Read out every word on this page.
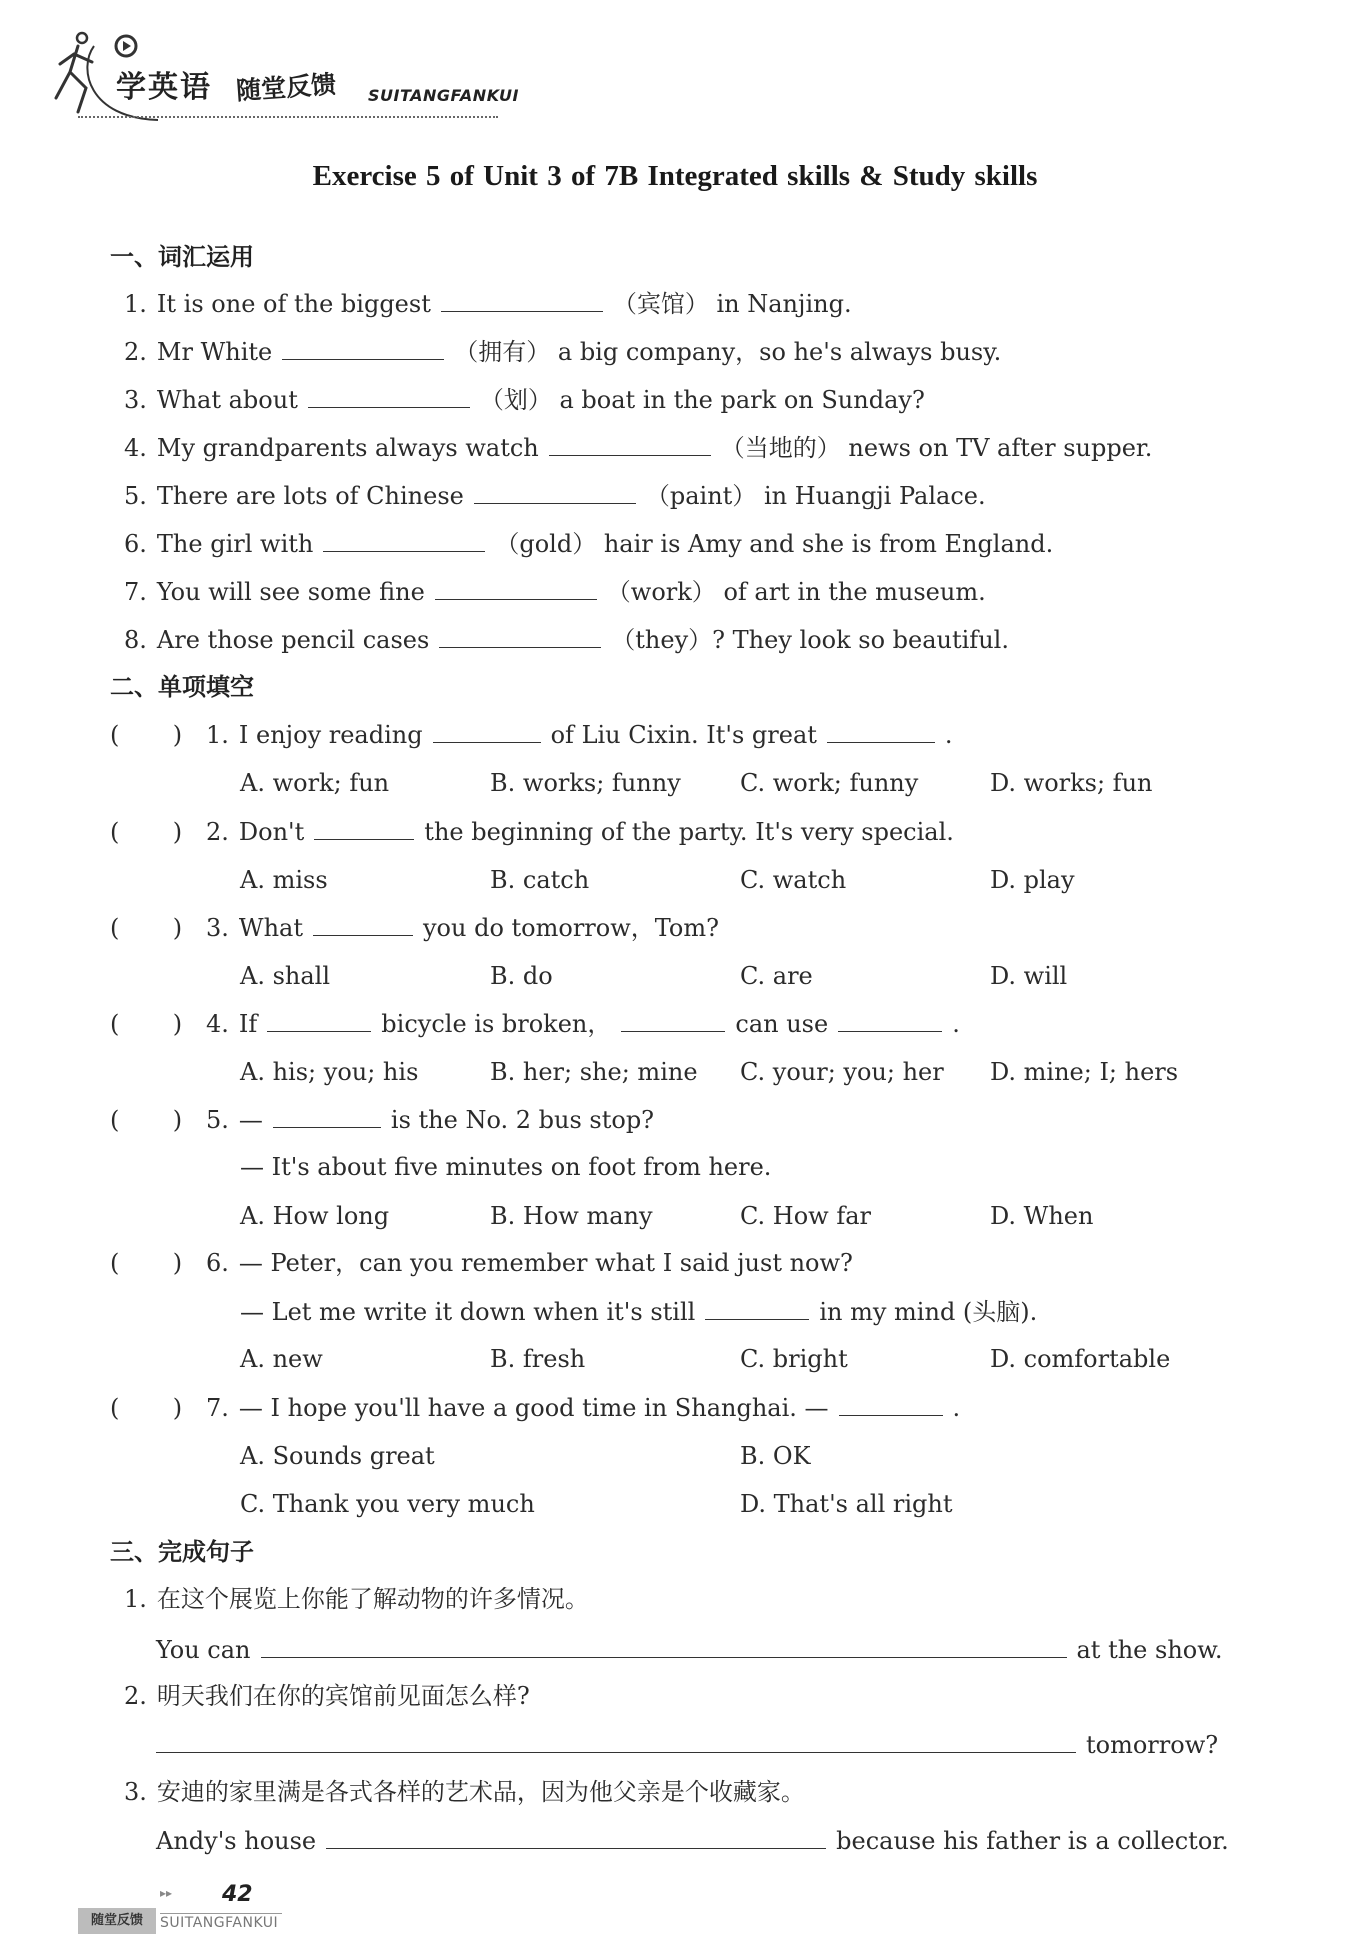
学英语 随堂反馈 SUITANGFANKUI
Exercise 5 of Unit 3 of 7B Integrated skills & Study skills
一、词汇运用
1. It is one of the biggest	（宾馆） in Nanjing.
2. Mr White	（拥有） a big company，so he's always busy.
3. What about	（划） a boat in the park on Sunday?
4. My grandparents always watch	（当地的） news on TV after supper.
5. There are lots of Chinese	（paint） in Huangji Palace.
6. The girl with	（gold） hair is Amy and she is from England.
7. You will see some fine	（work） of art in the museum.
8. Are those pencil cases	（they）? They look so beautiful.
二、单项填空
(       ) 1. I enjoy reading	of Liu Cixin. It's great	.
A. work; fun	B. works; funny C. work; funny	D. works; fun
(       ) 2. Don't	the beginning of the party. It's very special.
A. miss	B. catch	C. watch	D. play
(       ) 3. What	you do tomorrow，Tom?
A. shall	B. do	C. are	D. will
(       ) 4. If	bicycle is broken，	can use	.
A. his; you; his	B. her; she; mine C. your; you; her D. mine; I; hers
(       ) 5. —	is the No. 2 bus stop?
— It's about five minutes on foot from here.
A. How long	B. How many	C. How far	D. When
(       ) 6. — Peter，can you remember what I said just now?
— Let me write it down when it's still	in my mind (头脑).
A. new	B. fresh	C. bright	D. comfortable
(       ) 7. — I hope you'll have a good time in Shanghai. —	.
A. Sounds great	B. OK
C. Thank you very much	D. That's all right
三、完成句子
1. 在这个展览上你能了解动物的许多情况。
You can	at the show.
2. 明天我们在你的宾馆前见面怎么样?
tomorrow?
3. 安迪的家里满是各式各样的艺术品，因为他父亲是个收藏家。
Andy's house	because his father is a collector.
▸▸ 42
随堂反馈	SUITANGFANKUI
